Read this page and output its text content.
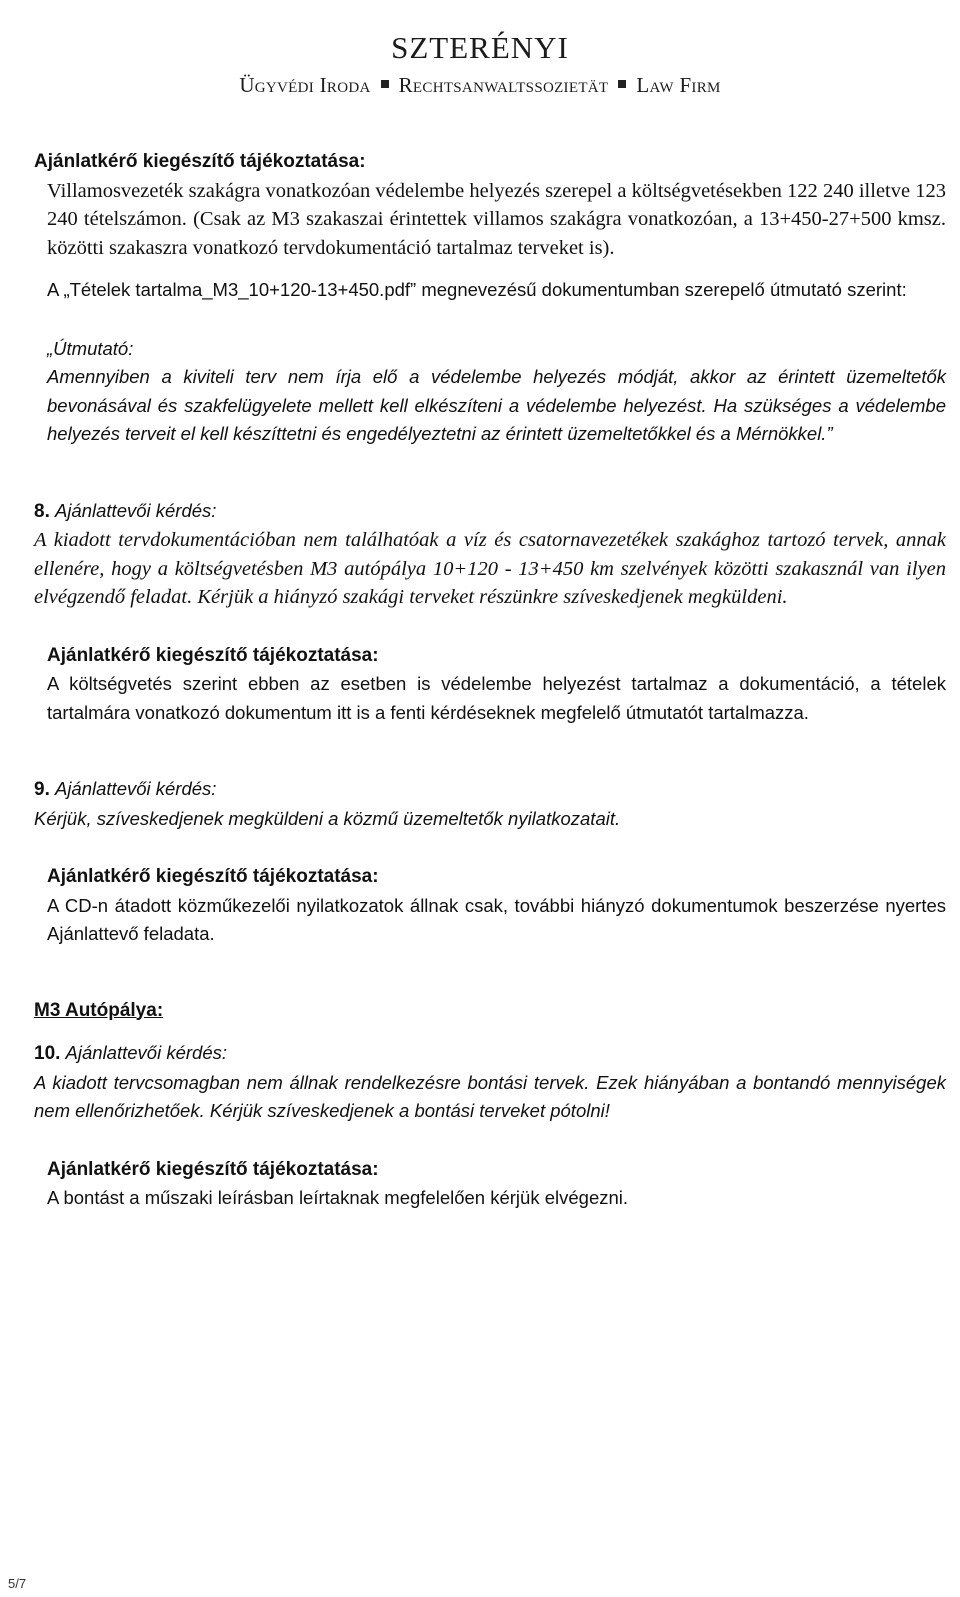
SZTERÉNYI
Ügyvédi Iroda Rechtsanwaltssozietät Law Firm

Ajánlatkérő kiegészítő tájékoztatása:

Villamosvezeték szakágra vonatkozóan védelembe helyezés szerepel a költségvetésekben 122 240 illetve 123 240 tételszámon. (Csak az M3 szakaszai érintettek villamos szakágra vonatkozóan, a 13+450-27+500 kmsz. közötti szakaszra vonatkozó tervdokumentáció tartalmaz terveket is).

A „Tételek tartalma_M3_10+120-13+450.pdf” megnevezésű dokumentumban szerepelő útmutató szerint:

„Útmutató:

Amennyiben a kiviteli terv nem írja elő a védelembe helyezés módját, akkor az érintett üzemeltetők bevonásával és szakfelügyelete mellett kell elkészíteni a védelembe helyezést. Ha szükséges a védelembe helyezés terveit el kell készíttetni és engedélyeztetni az érintett üzemeltetőkkel és a Mérnökkel.”

8. Ajánlattevői kérdés:

A kiadott tervdokumentációban nem találhatóak a víz és csatornavezetékek szakághoz tartozó tervek, annak ellenére, hogy a költségvetésben M3 autópálya 10+120 - 13+450 km szelvények közötti szakasznál van ilyen elvégzendő feladat. Kérjük a hiányzó szakági terveket részünkre szíveskedjenek megküldeni.

Ajánlatkérő kiegészítő tájékoztatása:

A költségvetés szerint ebben az esetben is védelembe helyezést tartalmaz a dokumentáció, a tételek tartalmára vonatkozó dokumentum itt is a fenti kérdéseknek megfelelő útmutatót tartalmazza.

9. Ajánlattevői kérdés:

Kérjük, szíveskedjenek megküldeni a közmű üzemeltetők nyilatkozatait.

Ajánlatkérő kiegészítő tájékoztatása:

A CD-n átadott közműkezelői nyilatkozatok állnak csak, további hiányzó dokumentumok beszerzése nyertes Ajánlattevő feladata.

M3 Autópálya:

10. Ajánlattevői kérdés:

A kiadott tervcsomagban nem állnak rendelkezésre bontási tervek. Ezek hiányában a bontandó mennyiségek nem ellenőrizhetőek. Kérjük szíveskedjenek a bontási terveket pótolni!

Ajánlatkérő kiegészítő tájékoztatása:

A bontást a műszaki leírásban leírtaknak megfelelően kérjük elvégezni.

5/7
